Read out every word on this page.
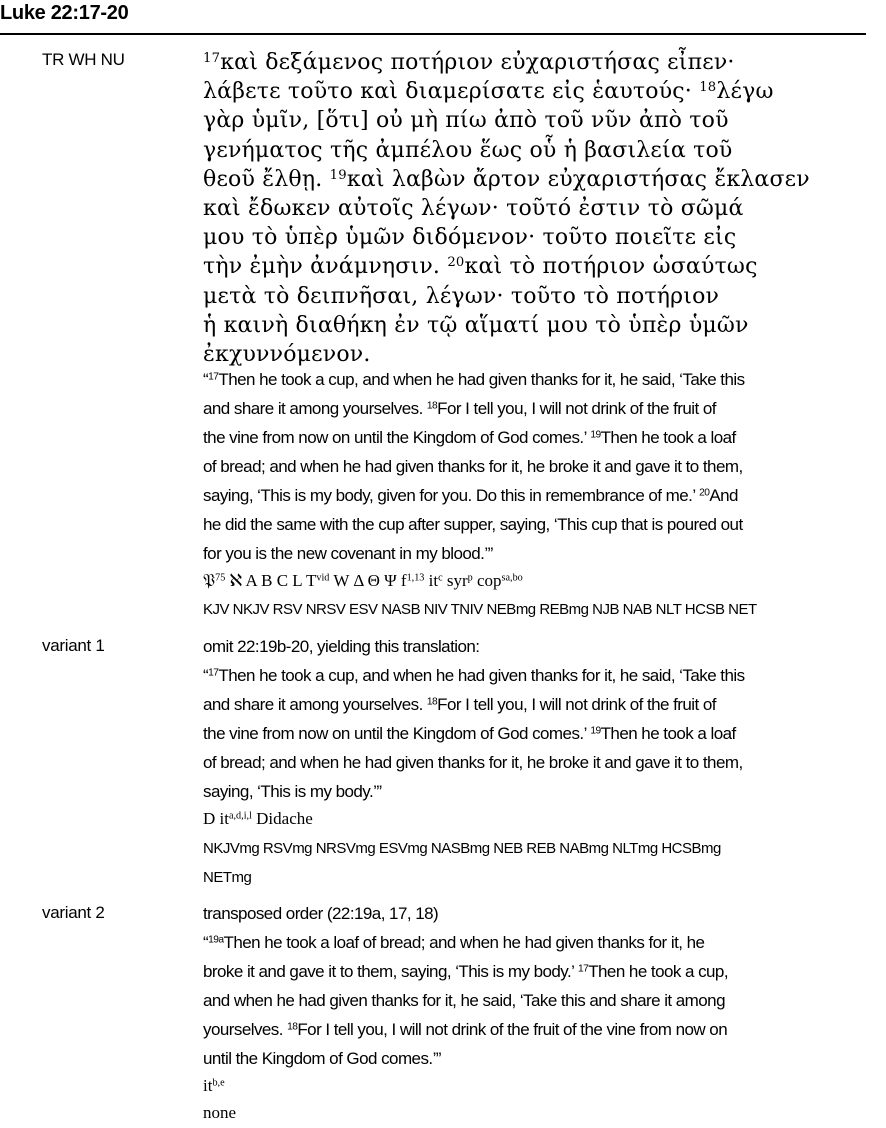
Luke 22:17-20
TR WH NU	$^{17}$καὶ δεξάμενος ποτήριον εὐχαριστήσας εἶπεν·
λάβετε τοῦτο καὶ διαμερίσατε εἰς ἑαυτούς· $^{18}$λέγω
γὰρ ὑμῖν, [ὅτι] οὐ μὴ πίω ἀπὸ τοῦ νῦν ἀπὸ τοῦ
γενήματος τῆς ἀμπέλου ἕως οὗ ἡ βασιλεία τοῦ
θεοῦ ἔλθῃ. $^{19}$καὶ λαβὼν ἄρτον εὐχαριστήσας ἔκλασεν
καὶ ἔδωκεν αὐτοῖς λέγων· τοῦτό ἐστιν τὸ σῶμά
μου τὸ ὑπὲρ ὑμῶν διδόμενον· τοῦτο ποιεῖτε εἰς
τὴν ἐμὴν ἀνάμνησιν. $^{20}$καὶ τὸ ποτήριον ὡσαύτως
μετὰ τὸ δειπνῆσαι, λέγων· τοῦτο τὸ ποτήριον
ἡ καινὴ διαθήκη ἐν τῷ αἵματί μου τὸ ὑπὲρ ὑμῶν
ἐκχυννόμενον.
“$^{17}$Then he took a cup, and when he had given thanks for it, he said, ‘Take this
and share it among yourselves. $^{18}$For I tell you, I will not drink of the fruit of
the vine from now on until the Kingdom of God comes.’ $^{19}$Then he took a loaf
of bread; and when he had given thanks for it, he broke it and gave it to them,
saying, ‘This is my body, given for you. Do this in remembrance of me.’ $^{20}$And
he did the same with the cup after supper, saying, ‘This cup that is poured out
for you is the new covenant in my blood.’”
𝔓$^{75}$ ℵ A B C L $T^{vid}$ W Δ Θ Ψ $f^{1,13}$ $it^c$ syr$^p$ cop$^{sa,bo}$
KJV NKJV RSV NRSV ESV NASB NIV TNIV NEBmg REBmg NJB NAB NLT HCSB NET
variant 1	omit 22:19b-20, yielding this translation:
“$^{17}$Then he took a cup, and when he had given thanks for it, he said, ‘Take this
and share it among yourselves. $^{18}$For I tell you, I will not drink of the fruit of
the vine from now on until the Kingdom of God comes.’ $^{19}$Then he took a loaf
of bread; and when he had given thanks for it, he broke it and gave it to them,
saying, ‘This is my body.’”
D it$^{a,d,i,l}$ Didache
NKJVmg RSVmg NRSVmg ESVmg NASBmg NEB REB NABmg NLTmg HCSBmg
NETmg
variant 2	transposed order (22:19a, 17, 18)
“$^{19a}$Then he took a loaf of bread; and when he had given thanks for it, he
broke it and gave it to them, saying, ‘This is my body.’ $^{17}$Then he took a cup,
and when he had given thanks for it, he said, ‘Take this and share it among
yourselves. $^{18}$For I tell you, I will not drink of the fruit of the vine from now on
until the Kingdom of God comes.’”
it$^{b,e}$
none
